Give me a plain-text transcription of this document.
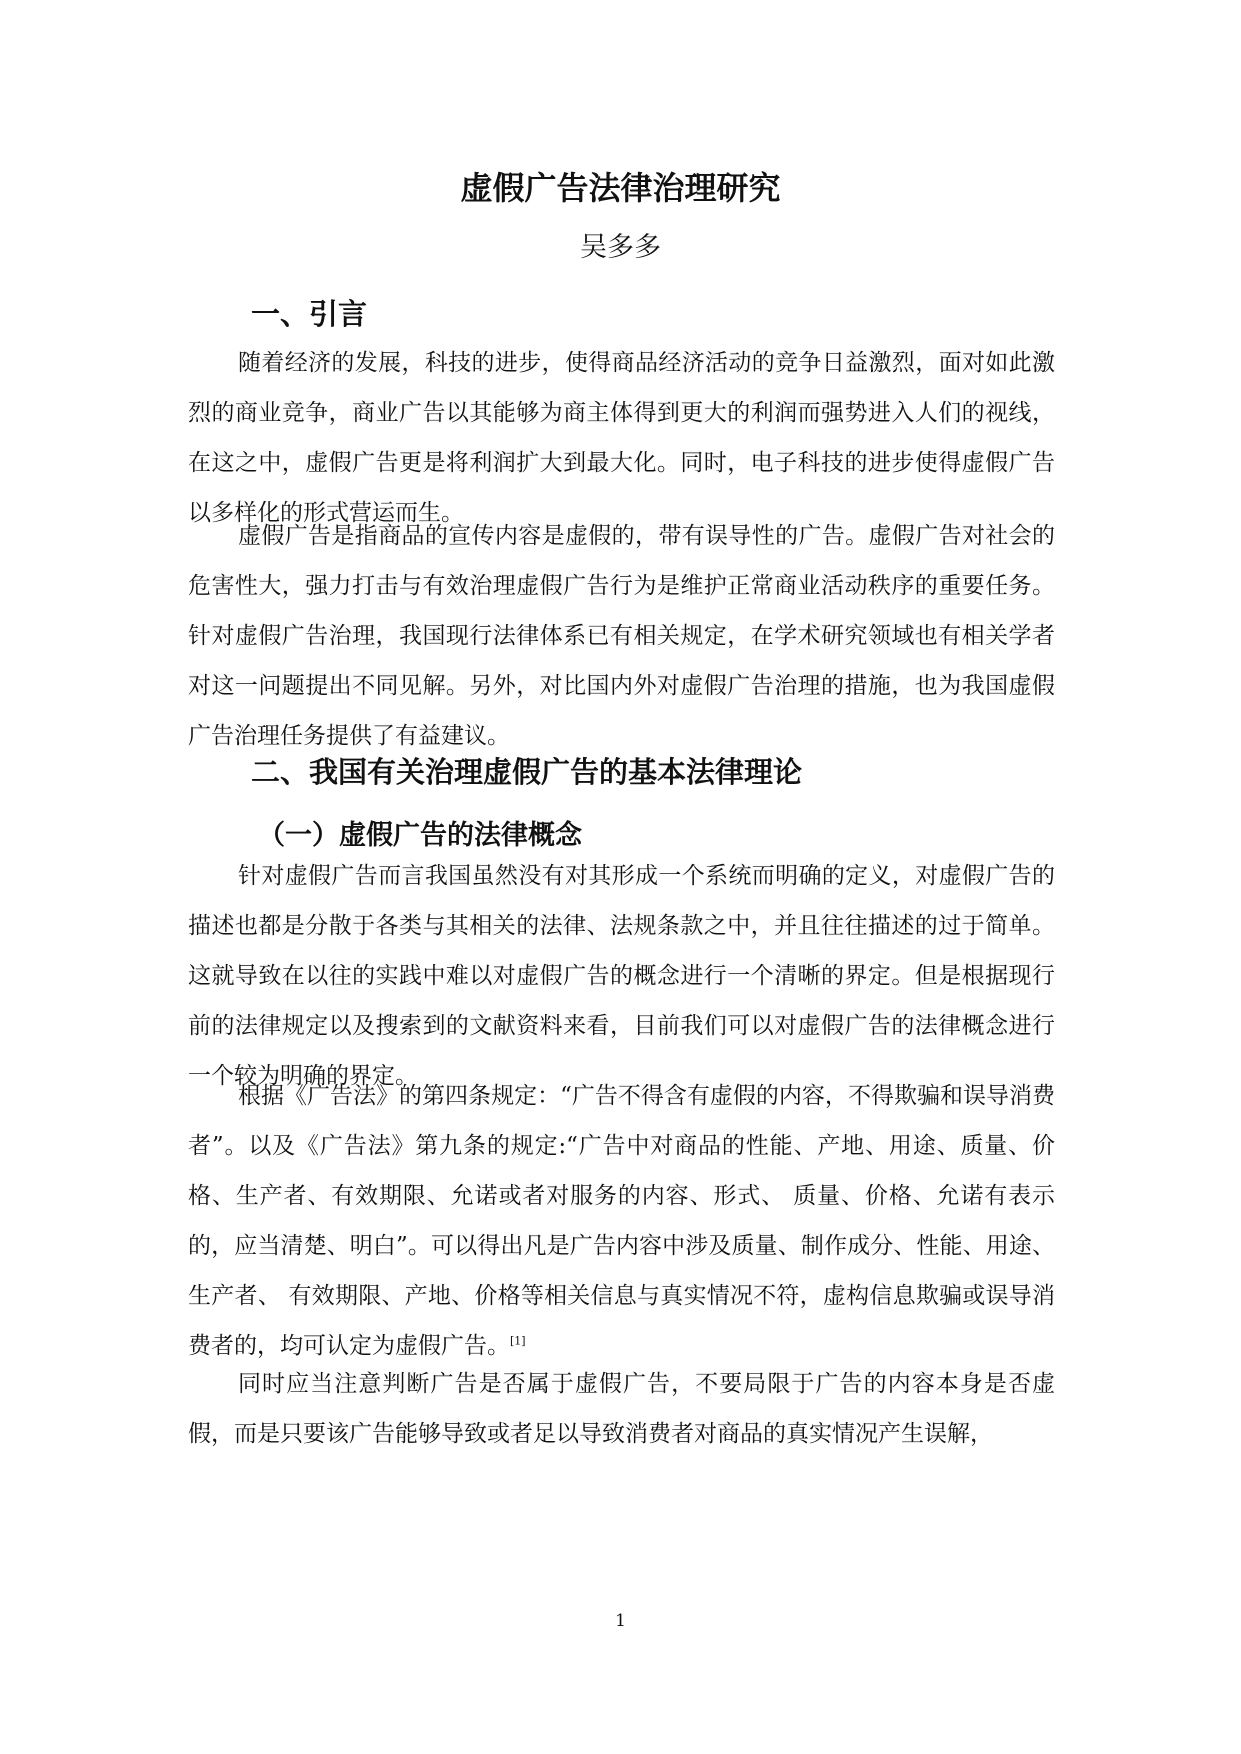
虚假广告法律治理研究
吴多多
一、引言

随着经济的发展，科技的进步，使得商品经济活动的竞争日益激烈，面对如此激烈的商业竞争，商业广告以其能够为商主体得到更大的利润而强势进入人们的视线，在这之中，虚假广告更是将利润扩大到最大化。同时，电子科技的进步使得虚假广告以多样化的形式营运而生。

虚假广告是指商品的宣传内容是虚假的，带有误导性的广告。虚假广告对社会的危害性大，强力打击与有效治理虚假广告行为是维护正常商业活动秩序的重要任务。针对虚假广告治理，我国现行法律体系已有相关规定，在学术研究领域也有相关学者对这一问题提出不同见解。另外，对比国内外对虚假广告治理的措施，也为我国虚假广告治理任务提供了有益建议。

二、我国有关治理虚假广告的基本法律理论
（一）虚假广告的法律概念

针对虚假广告而言我国虽然没有对其形成一个系统而明确的定义，对虚假广告的描述也都是分散于各类与其相关的法律、法规条款之中，并且往往描述的过于简单。这就导致在以往的实践中难以对虚假广告的概念进行一个清晰的界定。但是根据现行前的法律规定以及搜索到的文献资料来看，目前我们可以对虚假广告的法律概念进行一个较为明确的界定。

根据《广告法》的第四条规定：“广告不得含有虚假的内容，不得欺骗和误导消费者”。以及《广告法》第九条的规定:“广告中对商品的性能、产地、用途、质量、价格、生产者、有效期限、允诺或者对服务的内容、形式、 质量、价格、允诺有表示的，应当清楚、明白”。可以得出凡是广告内容中涉及质量、制作成分、性能、用途、生产者、 有效期限、产地、价格等相关信息与真实情况不符，虚构信息欺骗或误导消费者的，均可认定为虚假广告。[1]

同时应当注意判断广告是否属于虚假广告，不要局限于广告的内容本身是否虚假，而是只要该广告能够导致或者足以导致消费者对商品的真实情况产生误解，

1
